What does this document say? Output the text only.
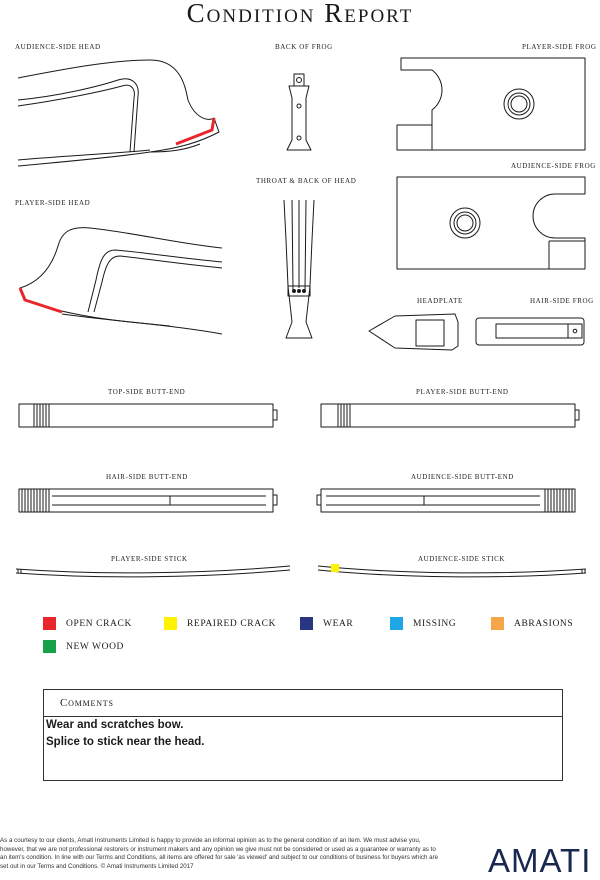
Condition Report
AUDIENCE-SIDE HEAD	BACK OF FROG	PLAYER-SIDE FROG
AUDIENCE-SIDE FROG
PLAYER-SIDE HEAD
THROAT & BACK OF HEAD
HEADPLATE	HAIR-SIDE FROG
TOP-SIDE BUTT-END	PLAYER-SIDE BUTT-END
HAIR-SIDE BUTT-END	AUDIENCE-SIDE BUTT-END
PLAYER-SIDE STICK	AUDIENCE-SIDE STICK
OPEN CRACK	REPAIRED CRACK	WEAR	MISSING	ABRASIONS
NEW WOOD
Comments
Wear and scratches bow.
Splice to stick near the head.
As a courtesy to our clients, Amati Instruments Limited is happy to provide an informal opinion as to the general condition of an item. We must advise you, however, that we are not professional restorers or instrument makers and any opinion we give must not be considered or used as a guarantee or warranty as to an item's condition. In line with our Terms and Conditions, all items are offered for sale 'as viewed' and subject to our conditions of business for buyers which are set out in our Terms and Conditions. © Amati Instruments Limited 2017	AMATI
